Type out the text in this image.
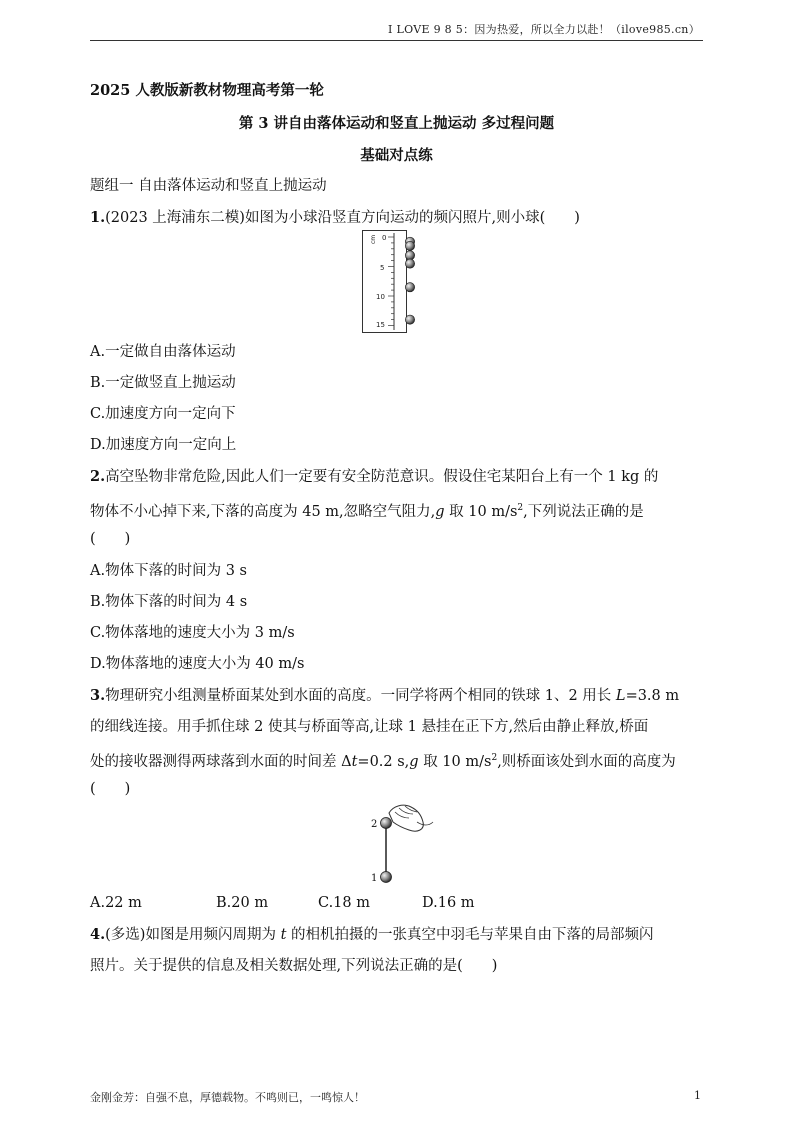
I LOVE 9 8 5：因为热爱，所以全力以赴！（ilove985.cn）
2025 人教版新教材物理高考第一轮
第 3 讲自由落体运动和竖直上抛运动 多过程问题
基础对点练
题组一 自由落体运动和竖直上抛运动
1.(2023 上海浦东二模)如图为小球沿竖直方向运动的频闪照片,则小球(　　)
cm 0
5
10
15
A.一定做自由落体运动
B.一定做竖直上抛运动
C.加速度方向一定向下
D.加速度方向一定向上
2.高空坠物非常危险,因此人们一定要有安全防范意识。假设住宅某阳台上有一个 1 kg 的
物体不小心掉下来,下落的高度为 45 m,忽略空气阻力,g 取 10 $m/s^2$,下列说法正确的是
(　　)
A.物体下落的时间为 3 s
B.物体下落的时间为 4 s
C.物体落地的速度大小为 3 m/s
D.物体落地的速度大小为 40 m/s
3.物理研究小组测量桥面某处到水面的高度。一同学将两个相同的铁球 1、2 用长 L=3.8 m
的细线连接。用手抓住球 2 使其与桥面等高,让球 1 悬挂在正下方,然后由静止释放,桥面
处的接收器测得两球落到水面的时间差 Δt=0.2 s,g 取 10 $m/s^2$,则桥面该处到水面的高度为
(　　)
2
1
A.22 m	B.20 m	C.18 m	D.16 m
4.(多选)如图是用频闪周期为 t 的相机拍摄的一张真空中羽毛与苹果自由下落的局部频闪
照片。关于提供的信息及相关数据处理,下列说法正确的是(　　)
金刚金芳：自强不息，厚德载物。不鸣则已，一鸣惊人！	1
